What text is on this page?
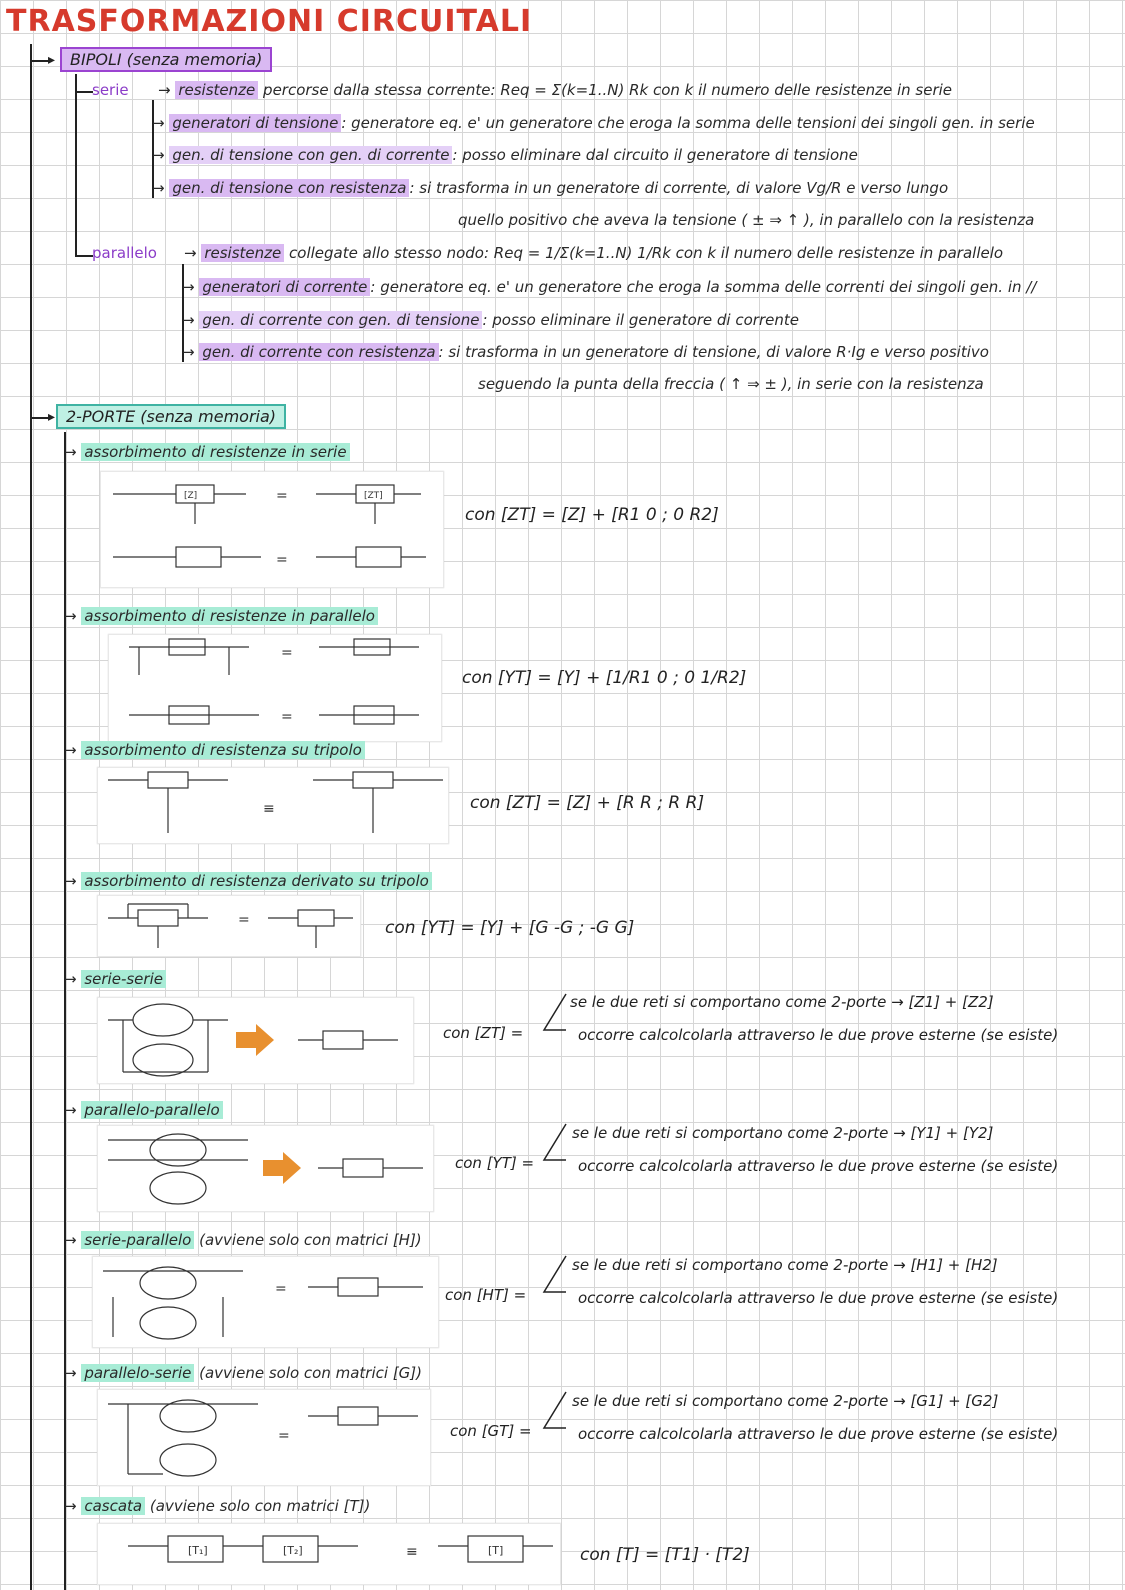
TRASFORMAZIONI CIRCUITALI
▸ BIPOLI (senza memoria)
serie → resistenze percorse dalla stessa corrente: Req = Σ(k=1..N) Rk con k il numero delle resistenze in serie
→ generatori di tensione : generatore eq. e' un generatore che eroga la somma delle tensioni dei singoli gen. in serie
→ gen. di tensione con gen. di corrente : posso eliminare dal circuito il generatore di tensione
→ gen. di tensione con resistenza : si trasforma in un generatore di corrente, di valore Vg/R e verso lungo
quello positivo che aveva la tensione ( ± ⇒ ↑ ), in parallelo con la resistenza
parallelo → resistenze collegate allo stesso nodo: Req = 1/Σ(k=1..N) 1/Rk con k il numero delle resistenze in parallelo
→ generatori di corrente : generatore eq. e' un generatore che eroga la somma delle correnti dei singoli gen. in //
→ gen. di corrente con gen. di tensione : posso eliminare il generatore di corrente
→ gen. di corrente con resistenza : si trasforma in un generatore di tensione, di valore R·Ig e verso positivo
seguendo la punta della freccia ( ↑ ⇒ ± ), in serie con la resistenza
▸ 2-PORTE (senza memoria)
→ assorbimento di resistenze in serie
=
=
[Z]	[ZT]
con [ZT] = [Z] + [R1 0 ; 0 R2]
→ assorbimento di resistenze in parallelo
=
=
con [YT] = [Y] + [1/R1 0 ; 0 1/R2]
→ assorbimento di resistenza su tripolo
≡	con [ZT] = [Z] + [R R ; R R]
→ assorbimento di resistenza derivato su tripolo
=	con [YT] = [Y] + [G -G ; -G G]
→ serie-serie
con [ZT] =
se le due reti si comportano come 2-porte → [Z1] + [Z2]
occorre calcolcolarla attraverso le due prove esterne (se esiste)
→ parallelo-parallelo
con [YT] =
se le due reti si comportano come 2-porte → [Y1] + [Y2]
occorre calcolcolarla attraverso le due prove esterne (se esiste)
→ serie-parallelo (avviene solo con matrici [H])
=	con [HT] =
se le due reti si comportano come 2-porte → [H1] + [H2]
occorre calcolcolarla attraverso le due prove esterne (se esiste)
→ parallelo-serie (avviene solo con matrici [G])
=	con [GT] =
se le due reti si comportano come 2-porte → [G1] + [G2]
occorre calcolcolarla attraverso le due prove esterne (se esiste)
→ cascata (avviene solo con matrici [T])
[T₁]	[T₂]	[T]
≡	con [T] = [T1] · [T2]
